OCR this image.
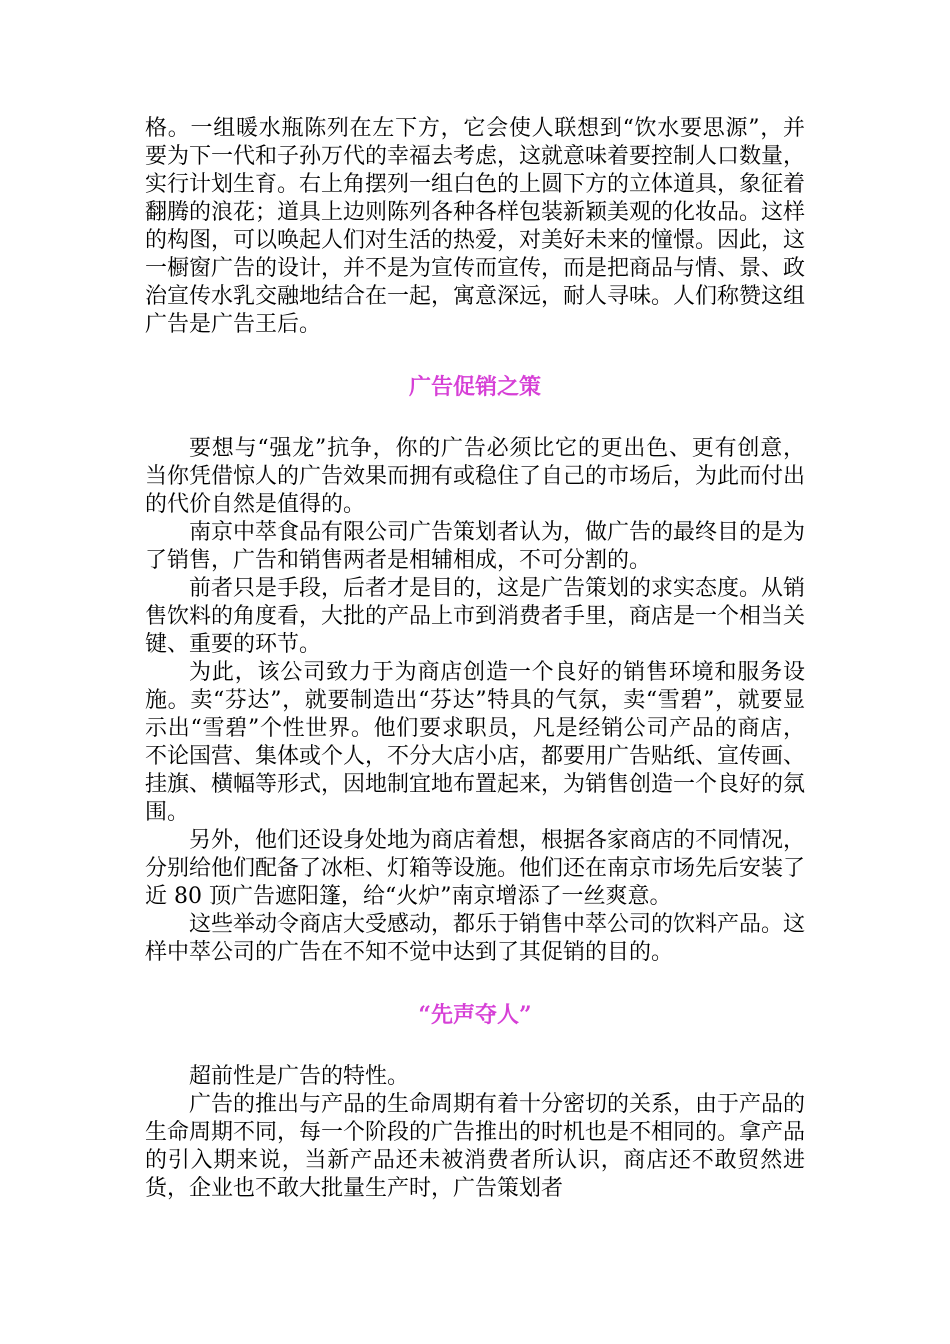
格。一组暖水瓶陈列在左下方，它会使人联想到“饮水要思源”，并要为下一代和子孙万代的幸福去考虑，这就意味着要控制人口数量，实行计划生育。右上角摆列一组白色的上圆下方的立体道具，象征着翻腾的浪花；道具上边则陈列各种各样包装新颖美观的化妆品。这样的构图，可以唤起人们对生活的热爱，对美好未来的憧憬。因此，这一橱窗广告的设计，并不是为宣传而宣传，而是把商品与情、景、政治宣传水乳交融地结合在一起，寓意深远，耐人寻味。人们称赞这组广告是广告王后。

广告促销之策

要想与“强龙”抗争，你的广告必须比它的更出色、更有创意，当你凭借惊人的广告效果而拥有或稳住了自己的市场后，为此而付出的代价自然是值得的。

南京中萃食品有限公司广告策划者认为，做广告的最终目的是为了销售，广告和销售两者是相辅相成，不可分割的。

前者只是手段，后者才是目的，这是广告策划的求实态度。从销售饮料的角度看，大批的产品上市到消费者手里，商店是一个相当关键、重要的环节。

为此，该公司致力于为商店创造一个良好的销售环境和服务设施。卖“芬达”，就要制造出“芬达”特具的气氛，卖“雪碧”，就要显示出“雪碧”个性世界。他们要求职员，凡是经销公司产品的商店，不论国营、集体或个人，不分大店小店，都要用广告贴纸、宣传画、挂旗、横幅等形式，因地制宜地布置起来，为销售创造一个良好的氛围。

另外，他们还设身处地为商店着想，根据各家商店的不同情况，分别给他们配备了冰柜、灯箱等设施。他们还在南京市场先后安装了近 80 顶广告遮阳篷，给“火炉”南京增添了一丝爽意。

这些举动令商店大受感动，都乐于销售中萃公司的饮料产品。这样中萃公司的广告在不知不觉中达到了其促销的目的。

“先声夺人”

超前性是广告的特性。

广告的推出与产品的生命周期有着十分密切的关系，由于产品的生命周期不同，每一个阶段的广告推出的时机也是不相同的。拿产品的引入期来说，当新产品还未被消费者所认识，商店还不敢贸然进货，企业也不敢大批量生产时，广告策划者
